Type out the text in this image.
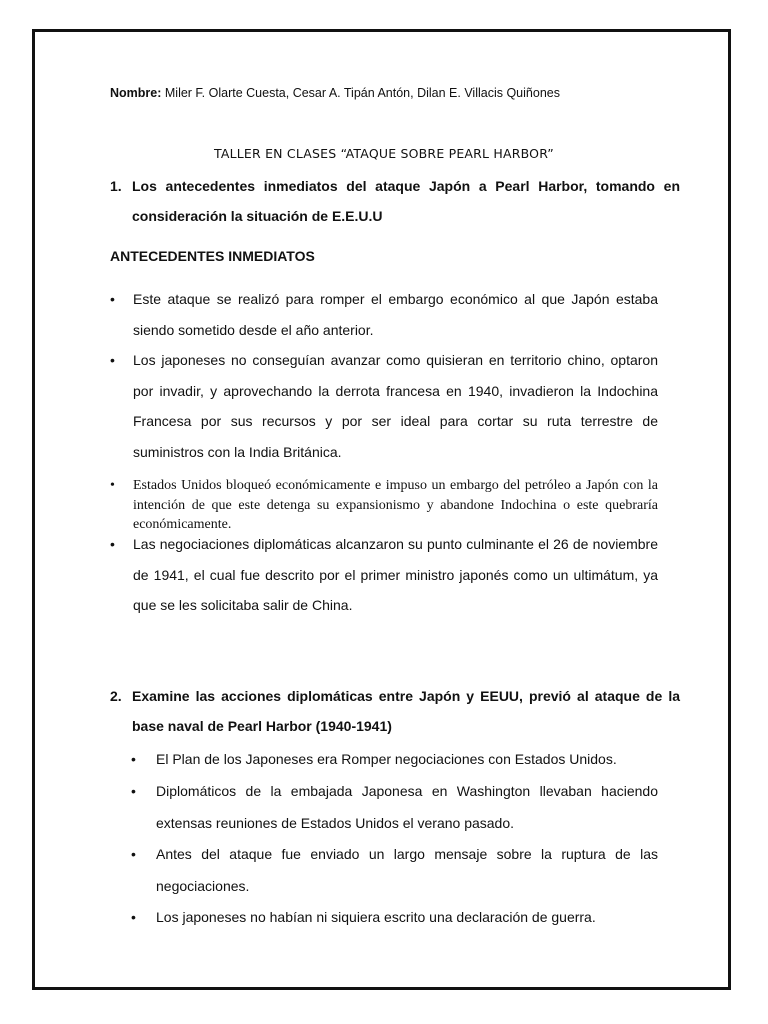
Nombre: Miler F. Olarte Cuesta, Cesar A. Tipán Antón, Dilan E. Villacis Quiñones
TALLER EN CLASES “ATAQUE SOBRE PEARL HARBOR”
1. Los antecedentes inmediatos del ataque Japón a Pearl Harbor, tomando en consideración la situación de E.E.U.U
ANTECEDENTES INMEDIATOS
• Este ataque se realizó para romper el embargo económico al que Japón estaba siendo sometido desde el año anterior.
• Los japoneses no conseguían avanzar como quisieran en territorio chino, optaron por invadir, y aprovechando la derrota francesa en 1940, invadieron la Indochina Francesa por sus recursos y por ser ideal para cortar su ruta terrestre de suministros con la India Británica.
• Estados Unidos bloqueó económicamente e impuso un embargo del petróleo a Japón con la intención de que este detenga su expansionismo y abandone Indochina o este quebraría económicamente.
• Las negociaciones diplomáticas alcanzaron su punto culminante el 26 de noviembre de 1941, el cual fue descrito por el primer ministro japonés como un ultimátum, ya que se les solicitaba salir de China.
2. Examine las acciones diplomáticas entre Japón y EEUU, previó al ataque de la base naval de Pearl Harbor (1940-1941)
• El Plan de los Japoneses era Romper negociaciones con Estados Unidos.
• Diplomáticos de la embajada Japonesa en Washington llevaban haciendo extensas reuniones de Estados Unidos el verano pasado.
• Antes del ataque fue enviado un largo mensaje sobre la ruptura de las negociaciones.
• Los japoneses no habían ni siquiera escrito una declaración de guerra.
